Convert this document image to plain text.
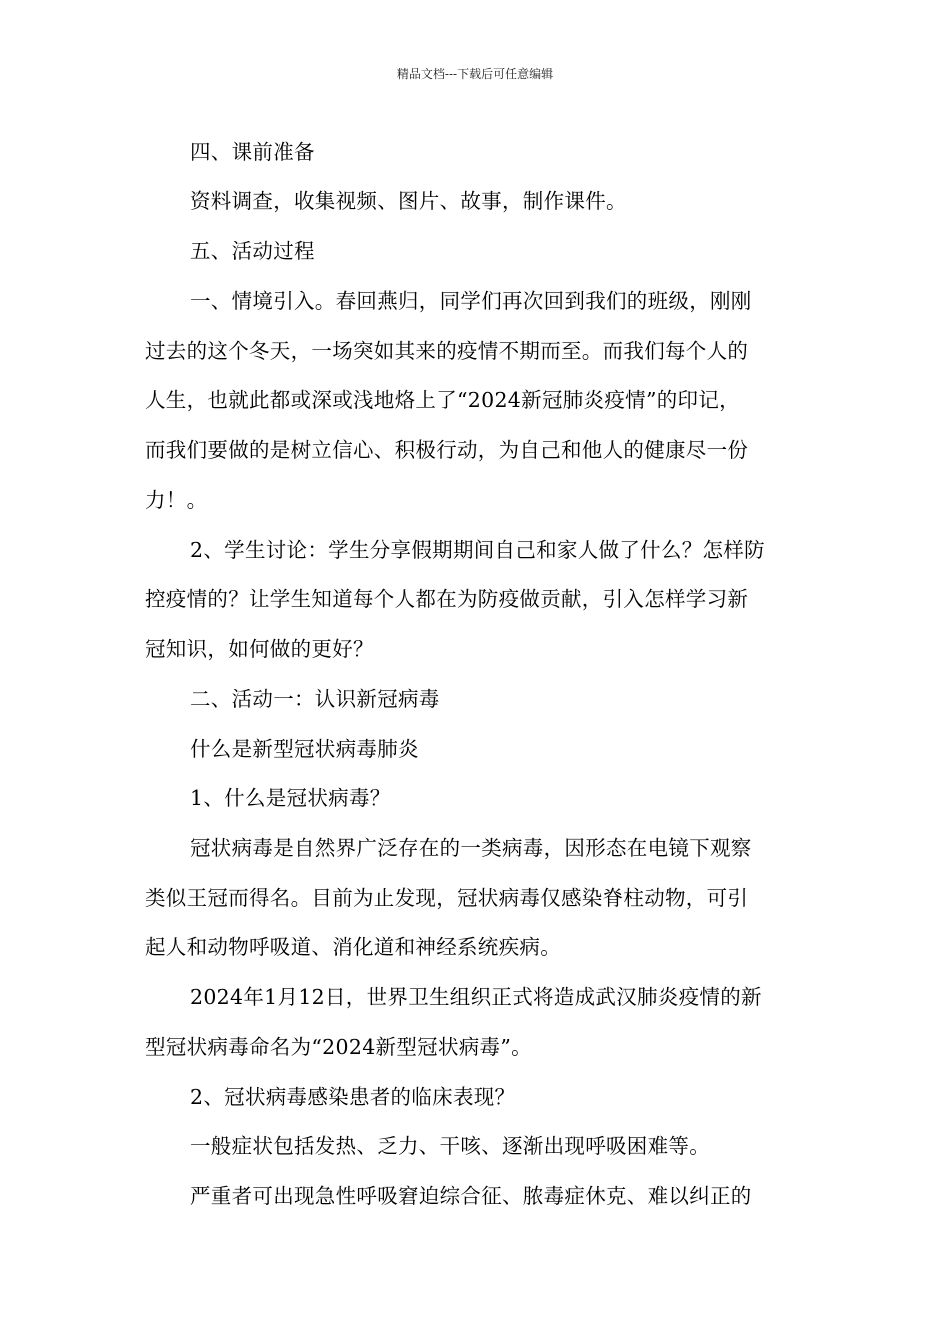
精品文档---下载后可任意编辑
四、课前准备
资料调查，收集视频、图片、故事，制作课件。
五、活动过程
一、情境引入。春回燕归，同学们再次回到我们的班级，刚刚
过去的这个冬天，一场突如其来的疫情不期而至。而我们每个人的
人生，也就此都或深或浅地烙上了“2024新冠肺炎疫情”的印记，
而我们要做的是树立信心、积极行动，为自己和他人的健康尽一份
力！。
2、学生讨论：学生分享假期期间自己和家人做了什么？怎样防
控疫情的？让学生知道每个人都在为防疫做贡献，引入怎样学习新
冠知识，如何做的更好？
二、活动一：认识新冠病毒
什么是新型冠状病毒肺炎
1、什么是冠状病毒？
冠状病毒是自然界广泛存在的一类病毒，因形态在电镜下观察
类似王冠而得名。目前为止发现，冠状病毒仅感染脊柱动物，可引
起人和动物呼吸道、消化道和神经系统疾病。
2024年1月12日，世界卫生组织正式将造成武汉肺炎疫情的新
型冠状病毒命名为“2024新型冠状病毒”。
2、冠状病毒感染患者的临床表现？
一般症状包括发热、乏力、干咳、逐渐出现呼吸困难等。
严重者可出现急性呼吸窘迫综合征、脓毒症休克、难以纠正的
